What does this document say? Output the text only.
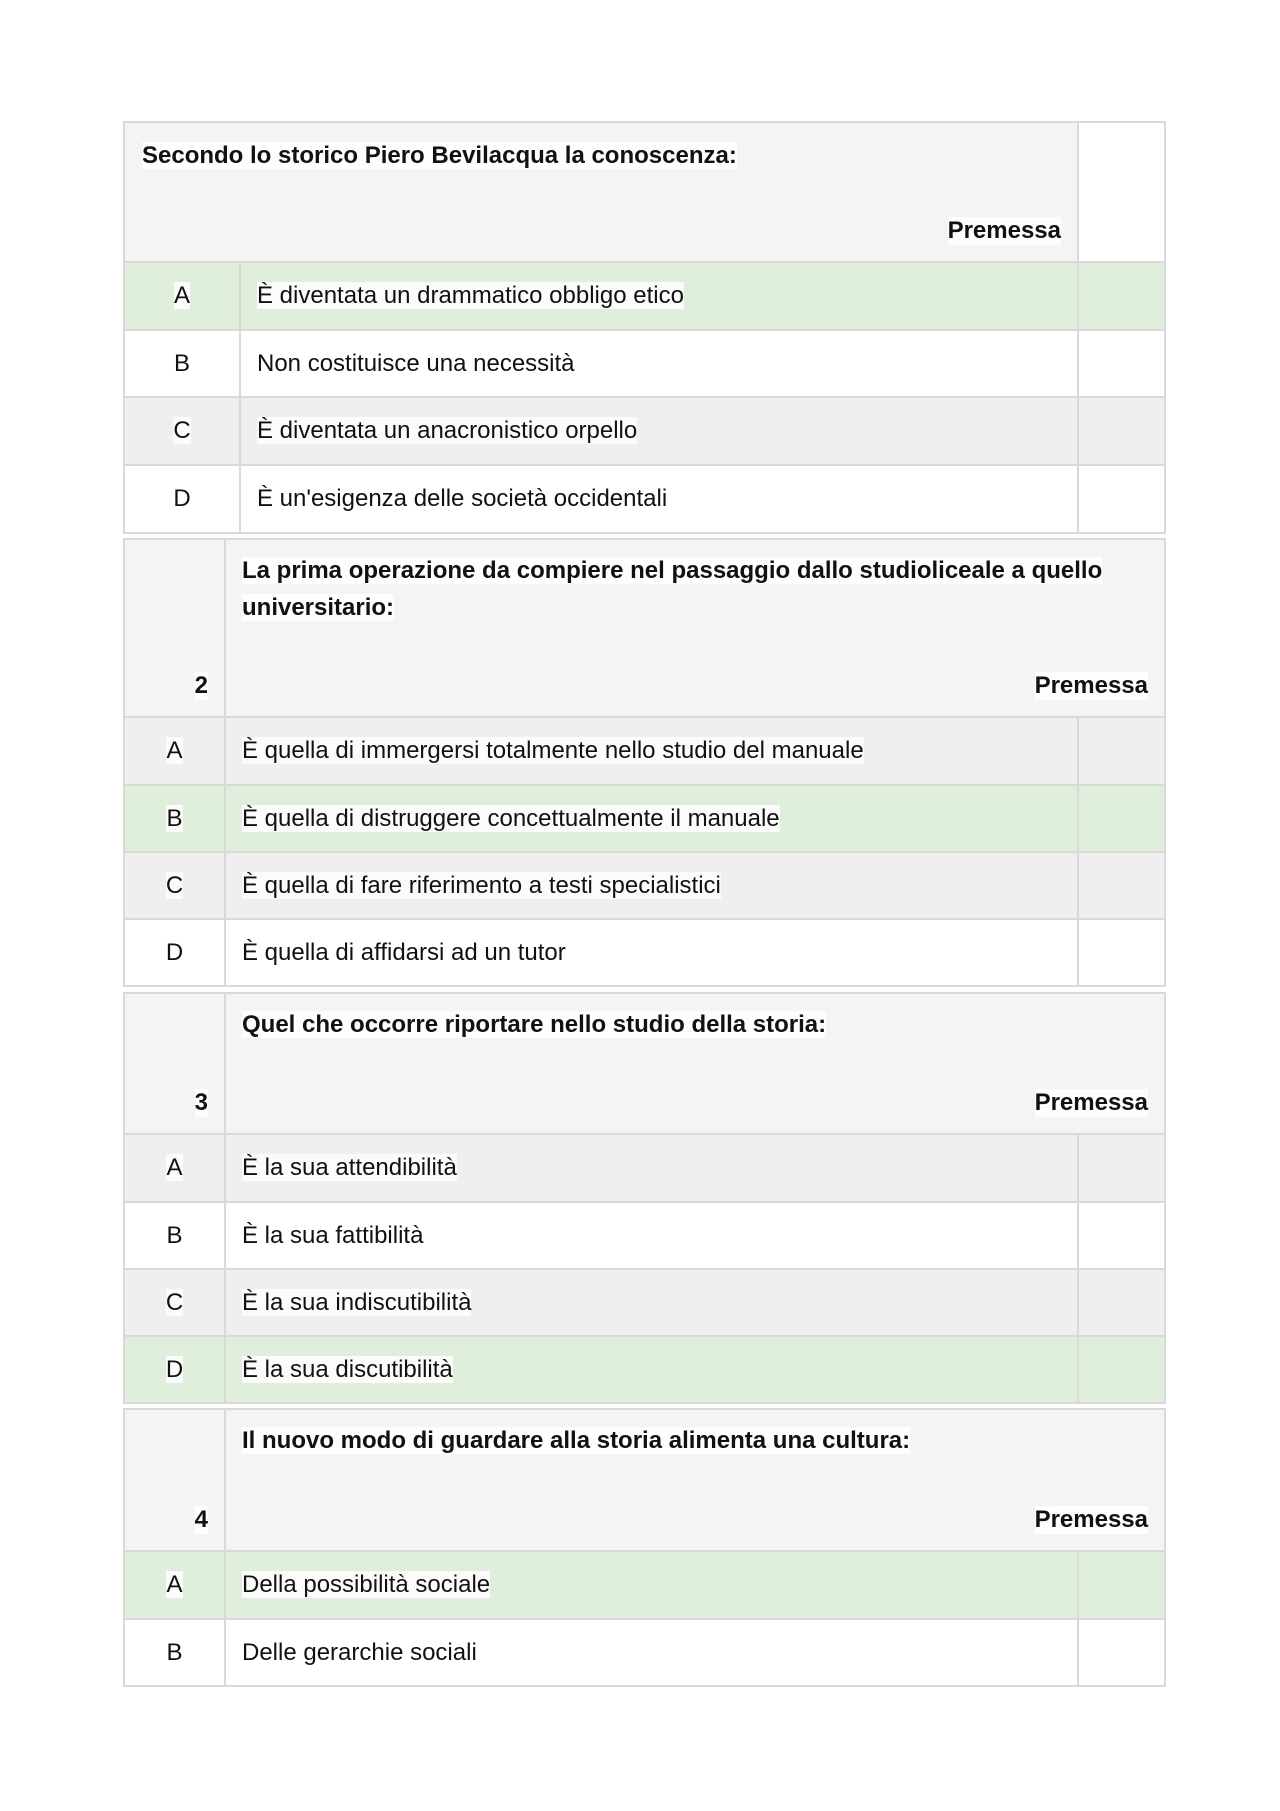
Secondo lo storico Piero Bevilacqua la conoscenza:
Premessa		

A	È diventata un drammatico obbligo etico	
B	Non costituisce una necessità	
C	È diventata un anacronistico orpello	
D	È un'esigenza delle società occidentali	
2	La prima operazione da compiere nel passaggio dallo studioliceale a quello universitario:
Premessa	

A	È quella di immergersi totalmente nello studio del manuale	
B	È quella di distruggere concettualmente il manuale	
C	È quella di fare riferimento a testi specialistici	
D	È quella di affidarsi ad un tutor	
3	Quel che occorre riportare nello studio della storia:
Premessa	

A	È la sua attendibilità	
B	È la sua fattibilità	
C	È la sua indiscutibilità	
D	È la sua discutibilità	
4	Il nuovo modo di guardare alla storia alimenta una cultura:
Premessa	

A	Della possibilità sociale	
B	Delle gerarchie sociali	
